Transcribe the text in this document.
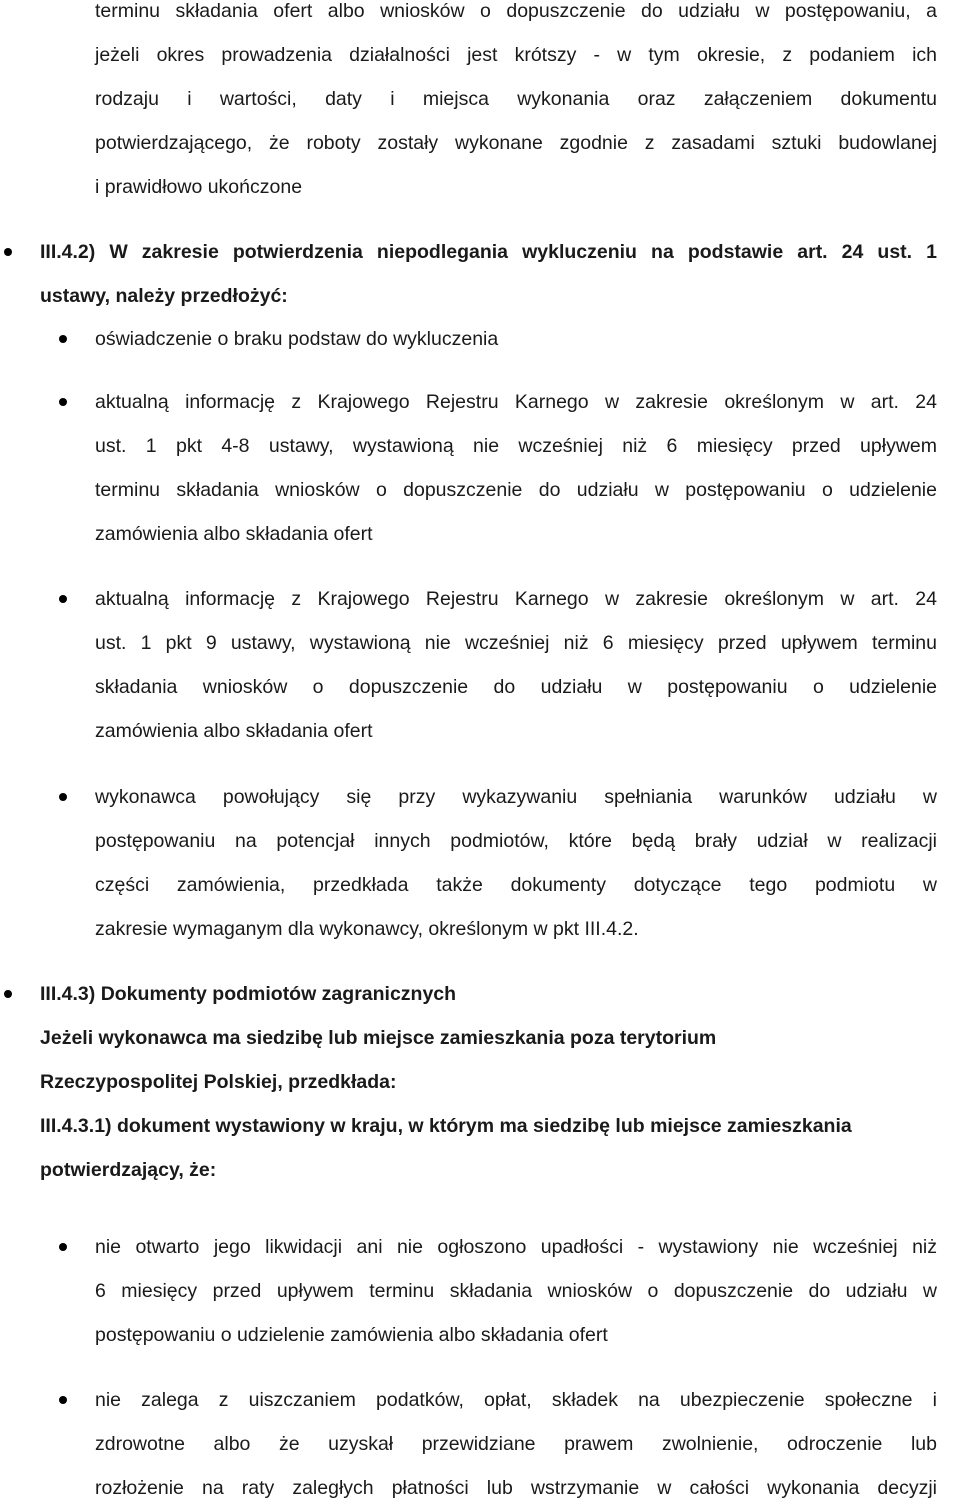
terminu składania ofert albo wniosków o dopuszczenie do udziału w postępowaniu, a
jeżeli okres prowadzenia działalności jest krótszy - w tym okresie, z podaniem ich
rodzaju i wartości, daty i miejsca wykonania oraz załączeniem dokumentu
potwierdzającego, że roboty zostały wykonane zgodnie z zasadami sztuki budowlanej
i prawidłowo ukończone
III.4.2) W zakresie potwierdzenia niepodlegania wykluczeniu na podstawie art. 24 ust. 1
ustawy, należy przedłożyć:
oświadczenie o braku podstaw do wykluczenia
aktualną informację z Krajowego Rejestru Karnego w zakresie określonym w art. 24
ust. 1 pkt 4-8 ustawy, wystawioną nie wcześniej niż 6 miesięcy przed upływem
terminu składania wniosków o dopuszczenie do udziału w postępowaniu o udzielenie
zamówienia albo składania ofert
aktualną informację z Krajowego Rejestru Karnego w zakresie określonym w art. 24
ust. 1 pkt 9 ustawy, wystawioną nie wcześniej niż 6 miesięcy przed upływem terminu
składania wniosków o dopuszczenie do udziału w postępowaniu o udzielenie
zamówienia albo składania ofert
wykonawca powołujący się przy wykazywaniu spełniania warunków udziału w
postępowaniu na potencjał innych podmiotów, które będą brały udział w realizacji
części zamówienia, przedkłada także dokumenty dotyczące tego podmiotu w
zakresie wymaganym dla wykonawcy, określonym w pkt III.4.2.
III.4.3) Dokumenty podmiotów zagranicznych
Jeżeli wykonawca ma siedzibę lub miejsce zamieszkania poza terytorium
Rzeczypospolitej Polskiej, przedkłada:
III.4.3.1) dokument wystawiony w kraju, w którym ma siedzibę lub miejsce zamieszkania
potwierdzający, że:
nie otwarto jego likwidacji ani nie ogłoszono upadłości - wystawiony nie wcześniej niż
6 miesięcy przed upływem terminu składania wniosków o dopuszczenie do udziału w
postępowaniu o udzielenie zamówienia albo składania ofert
nie zalega z uiszczaniem podatków, opłat, składek na ubezpieczenie społeczne i
zdrowotne albo że uzyskał przewidziane prawem zwolnienie, odroczenie lub
rozłożenie na raty zaległych płatności lub wstrzymanie w całości wykonania decyzji
